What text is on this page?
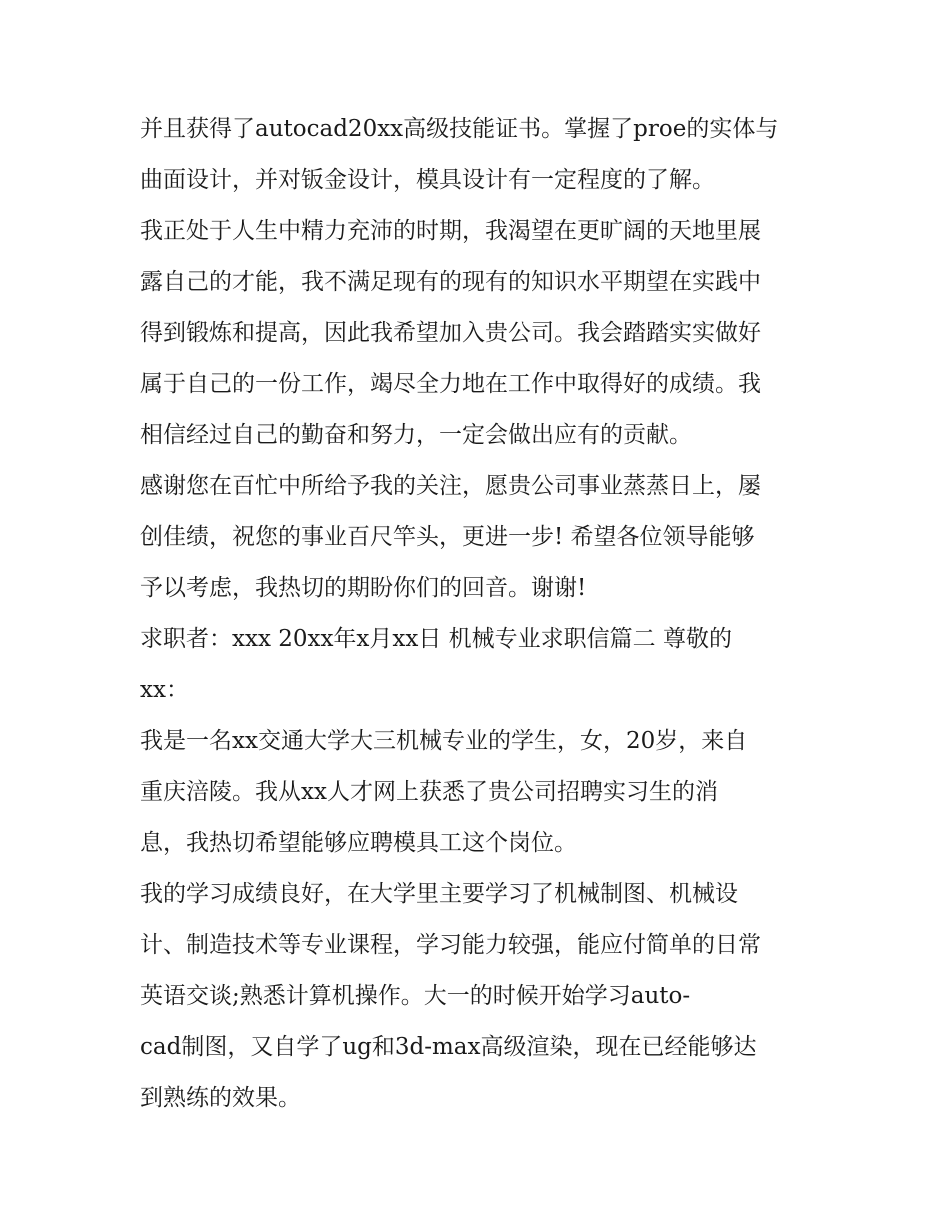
并且获得了autocad20xx高级技能证书。掌握了proe的实体与
曲面设计，并对钣金设计，模具设计有一定程度的了解。
我正处于人生中精力充沛的时期，我渴望在更旷阔的天地里展
露自己的才能，我不满足现有的现有的知识水平期望在实践中
得到锻炼和提高，因此我希望加入贵公司。我会踏踏实实做好
属于自己的一份工作，竭尽全力地在工作中取得好的成绩。我
相信经过自己的勤奋和努力，一定会做出应有的贡献。
感谢您在百忙中所给予我的关注，愿贵公司事业蒸蒸日上，屡
创佳绩，祝您的事业百尺竿头，更进一步! 希望各位领导能够
予以考虑，我热切的期盼你们的回音。谢谢!
求职者：xxx 20xx年x月xx日 机械专业求职信篇二 尊敬的
xx：
我是一名xx交通大学大三机械专业的学生，女，20岁，来自
重庆涪陵。我从xx人才网上获悉了贵公司招聘实习生的消
息，我热切希望能够应聘模具工这个岗位。
我的学习成绩良好，在大学里主要学习了机械制图、机械设
计、制造技术等专业课程，学习能力较强，能应付简单的日常
英语交谈;熟悉计算机操作。大一的时候开始学习auto-
cad制图，又自学了ug和3d-max高级渲染，现在已经能够达
到熟练的效果。
